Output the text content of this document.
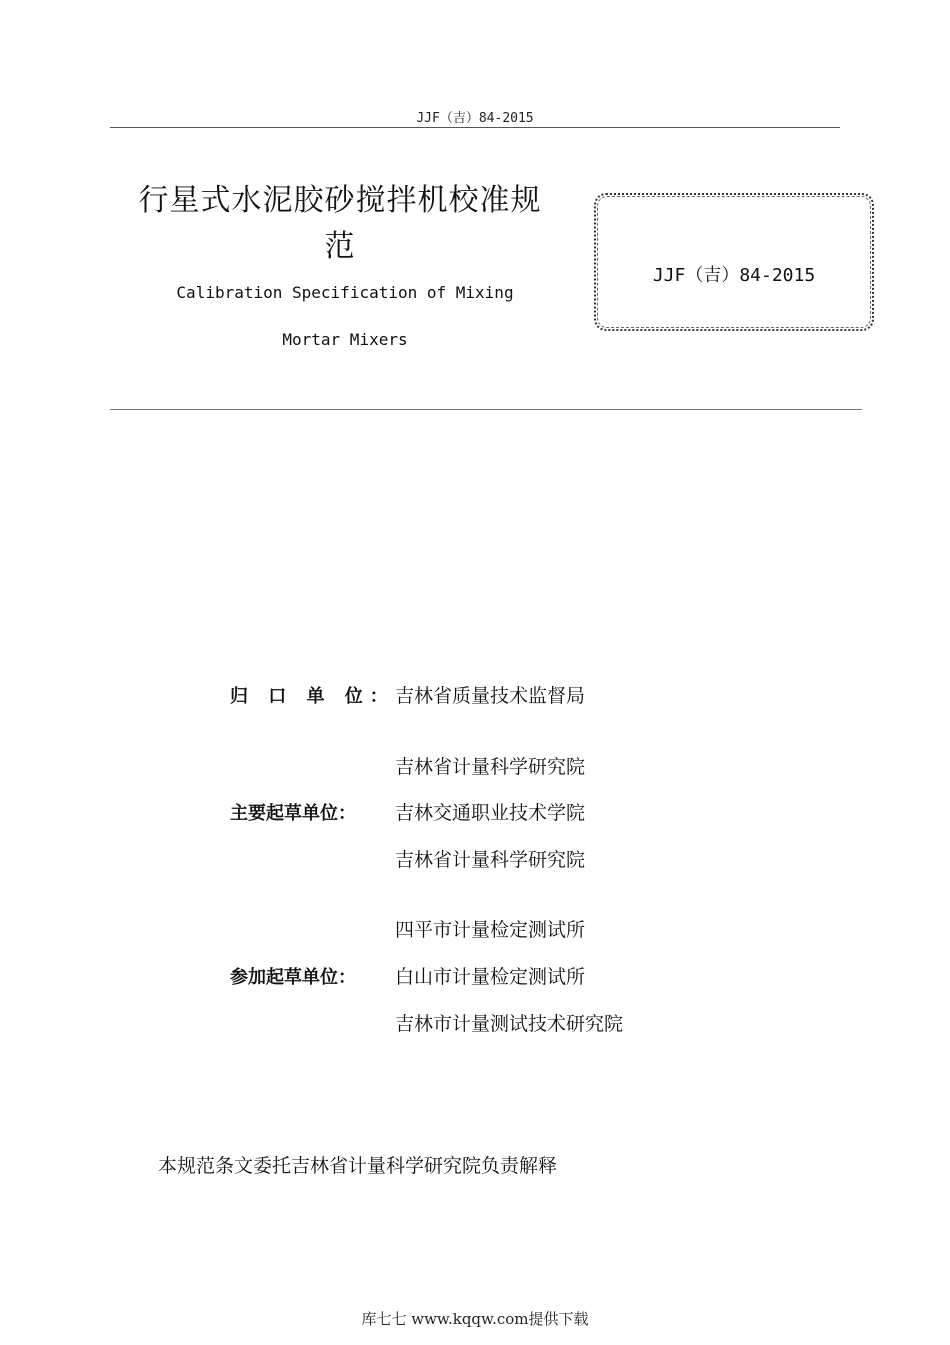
JJF（吉）84-2015
行星式水泥胶砂搅拌机校准规
范
Calibration Specification of Mixing
Mortar Mixers
JJF（吉）84-2015
归 口 单 位： 吉林省质量技术监督局
吉林省计量科学研究院
主要起草单位：	吉林交通职业技术学院
吉林省计量科学研究院
四平市计量检定测试所
参加起草单位：	白山市计量检定测试所
吉林市计量测试技术研究院
本规范条文委托吉林省计量科学研究院负责解释
库七七 www.kqqw.com提供下载
